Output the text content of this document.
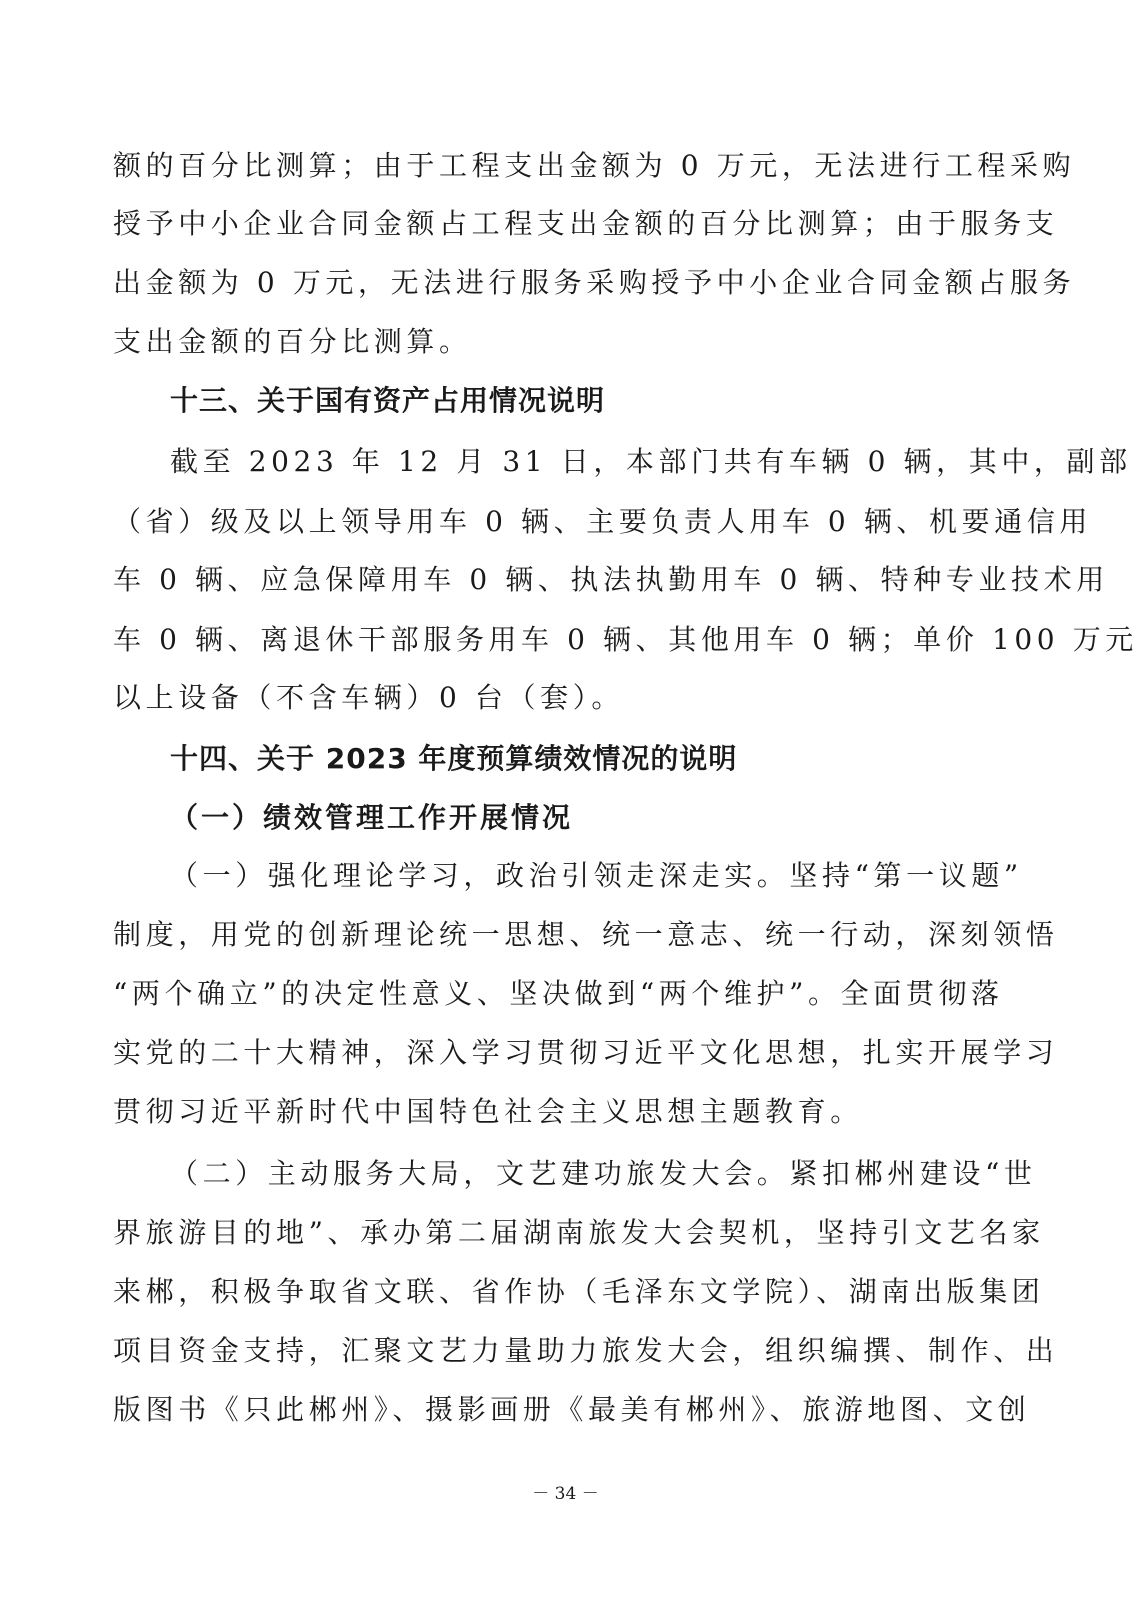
额的百分比测算；由于工程支出金额为 0 万元，无法进行工程采购
授予中小企业合同金额占工程支出金额的百分比测算；由于服务支
出金额为 0 万元，无法进行服务采购授予中小企业合同金额占服务
支出金额的百分比测算。
十三、关于国有资产占用情况说明
截至 2023 年 12 月 31 日，本部门共有车辆 0 辆，其中，副部
（省）级及以上领导用车 0 辆、主要负责人用车 0 辆、机要通信用
车 0 辆、应急保障用车 0 辆、执法执勤用车 0 辆、特种专业技术用
车 0 辆、离退休干部服务用车 0 辆、其他用车 0 辆；单价 100 万元
以上设备（不含车辆）0 台（套）。
十四、关于 2023 年度预算绩效情况的说明
（一）绩效管理工作开展情况
（一）强化理论学习，政治引领走深走实。坚持“第一议题”
制度，用党的创新理论统一思想、统一意志、统一行动，深刻领悟
“两个确立”的决定性意义、坚决做到“两个维护”。全面贯彻落
实党的二十大精神，深入学习贯彻习近平文化思想，扎实开展学习
贯彻习近平新时代中国特色社会主义思想主题教育。
（二）主动服务大局，文艺建功旅发大会。紧扣郴州建设“世
界旅游目的地”、承办第二届湖南旅发大会契机，坚持引文艺名家
来郴，积极争取省文联、省作协（毛泽东文学院）、湖南出版集团
项目资金支持，汇聚文艺力量助力旅发大会，组织编撰、制作、出
版图书《只此郴州》、摄影画册《最美有郴州》、旅游地图、文创
－ 34 －
